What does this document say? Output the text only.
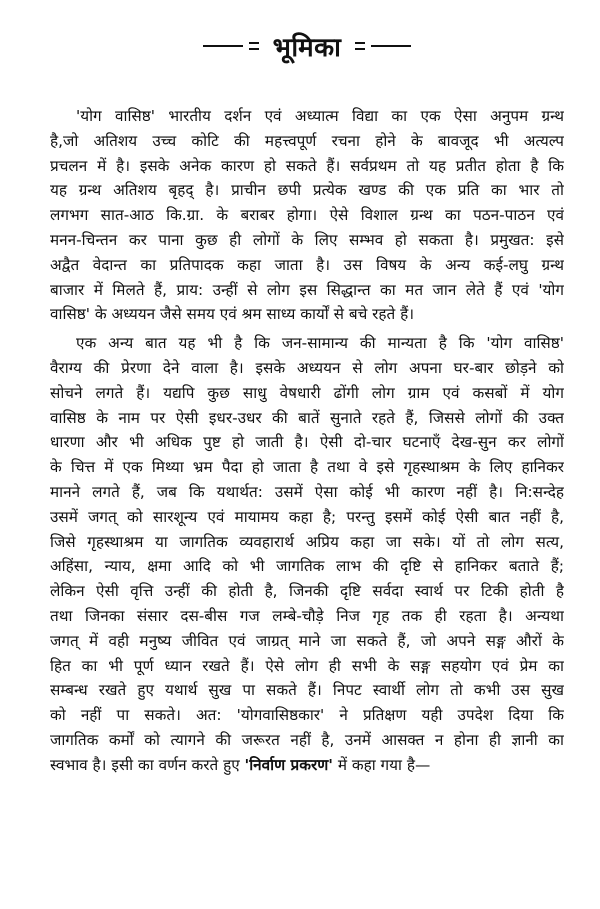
भूमिका

'योग वासिष्ठ' भारतीय दर्शन एवं अध्यात्म विद्या का एक ऐसा अनुपम ग्रन्थ
है,जो अतिशय उच्च कोटि की महत्त्वपूर्ण रचना होने के बावजूद भी अत्यल्प
प्रचलन में है। इसके अनेक कारण हो सकते हैं। सर्वप्रथम तो यह प्रतीत होता है कि
यह ग्रन्थ अतिशय बृहद् है। प्राचीन छपी प्रत्येक खण्ड की एक प्रति का भार तो
लगभग सात-आठ कि.ग्रा. के बराबर होगा। ऐसे विशाल ग्रन्थ का पठन-पाठन एवं
मनन-चिन्तन कर पाना कुछ ही लोगों के लिए सम्भव हो सकता है। प्रमुखत: इसे
अद्वैत वेदान्त का प्रतिपादक कहा जाता है। उस विषय के अन्य कई-लघु ग्रन्थ
बाजार में मिलते हैं, प्राय: उन्हीं से लोग इस सिद्धान्त का मत जान लेते हैं एवं 'योग
वासिष्ठ' के अध्ययन जैसे समय एवं श्रम साध्य कार्यों से बचे रहते हैं।

एक अन्य बात यह भी है कि जन-सामान्य की मान्यता है कि 'योग वासिष्ठ'
वैराग्य की प्रेरणा देने वाला है। इसके अध्ययन से लोग अपना घर-बार छोड़ने को
सोचने लगते हैं। यद्यपि कुछ साधु वेषधारी ढोंगी लोग ग्राम एवं कसबों में योग
वासिष्ठ के नाम पर ऐसी इधर-उधर की बातें सुनाते रहते हैं, जिससे लोगों की उक्त
धारणा और भी अधिक पुष्ट हो जाती है। ऐसी दो-चार घटनाएँ देख-सुन कर लोगों
के चित्त में एक मिथ्या भ्रम पैदा हो जाता है तथा वे इसे गृहस्थाश्रम के लिए हानिकर
मानने लगते हैं, जब कि यथार्थत: उसमें ऐसा कोई भी कारण नहीं है। नि:सन्देह
उसमें जगत् को सारशून्य एवं मायामय कहा है; परन्तु इसमें कोई ऐसी बात नहीं है,
जिसे गृहस्थाश्रम या जागतिक व्यवहारार्थ अप्रिय कहा जा सके। यों तो लोग सत्य,
अहिंसा, न्याय, क्षमा आदि को भी जागतिक लाभ की दृष्टि से हानिकर बताते हैं;
लेकिन ऐसी वृत्ति उन्हीं की होती है, जिनकी दृष्टि सर्वदा स्वार्थ पर टिकी होती है
तथा जिनका संसार दस-बीस गज लम्बे-चौड़े निज गृह तक ही रहता है। अन्यथा
जगत् में वही मनुष्य जीवित एवं जाग्रत् माने जा सकते हैं, जो अपने सङ्ग औरों के
हित का भी पूर्ण ध्यान रखते हैं। ऐसे लोग ही सभी के सङ्ग सहयोग एवं प्रेम का
सम्बन्ध रखते हुए यथार्थ सुख पा सकते हैं। निपट स्वार्थी लोग तो कभी उस सुख
को नहीं पा सकते। अत: 'योगवासिष्ठकार' ने प्रतिक्षण यही उपदेश दिया कि
जागतिक कर्मों को त्यागने की जरूरत नहीं है, उनमें आसक्त न होना ही ज्ञानी का
स्वभाव है। इसी का वर्णन करते हुए 'निर्वाण प्रकरण' में कहा गया है—
